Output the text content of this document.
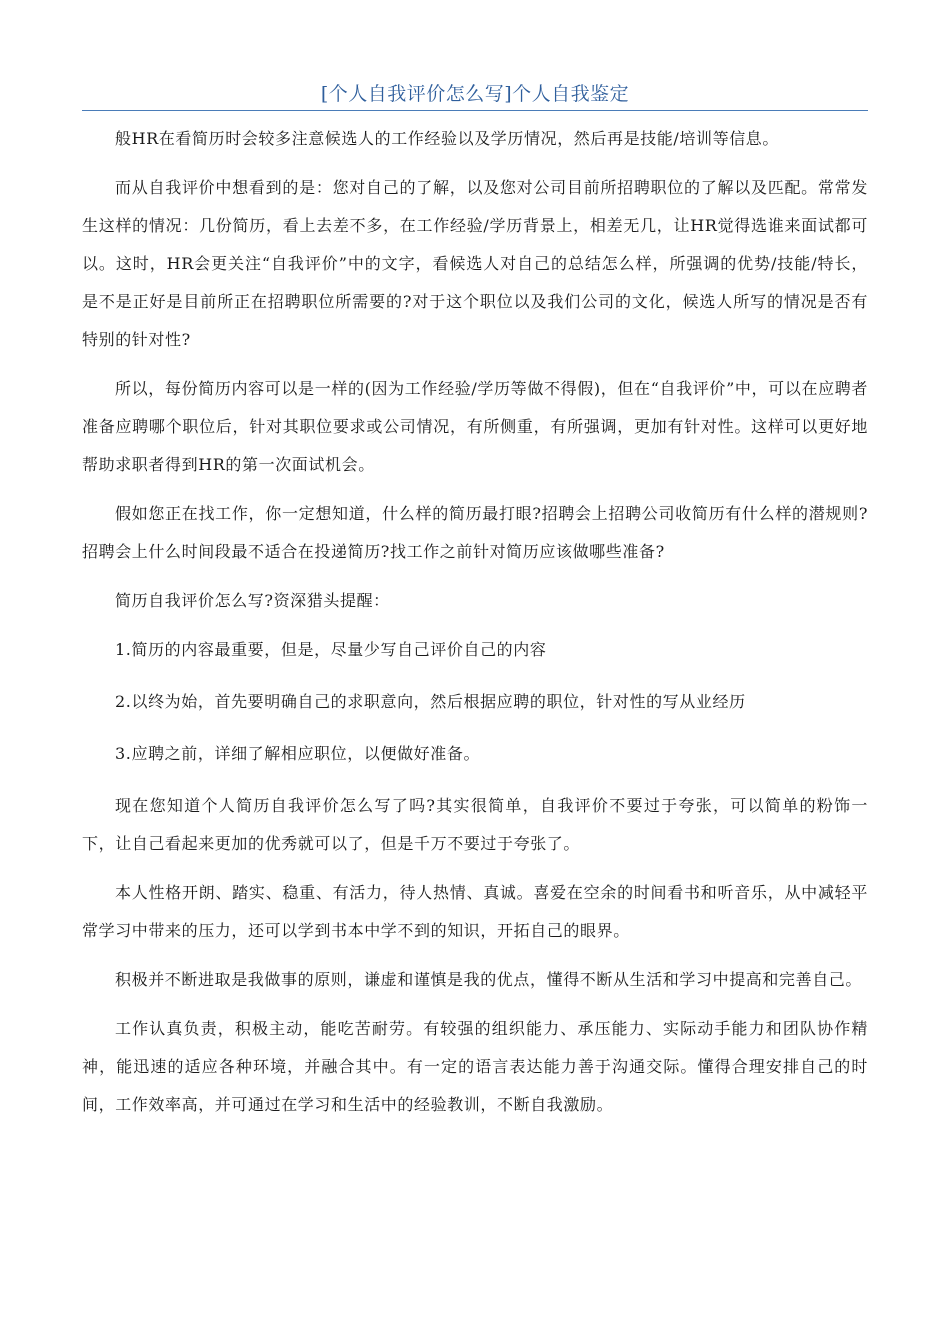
[个人自我评价怎么写]个人自我鉴定

般HR在看简历时会较多注意候选人的工作经验以及学历情况，然后再是技能/培训等信息。

而从自我评价中想看到的是：您对自己的了解，以及您对公司目前所招聘职位的了解以及匹配。常常发生这样的情况：几份简历，看上去差不多，在工作经验/学历背景上，相差无几，让HR觉得选谁来面试都可以。这时，HR会更关注“自我评价”中的文字，看候选人对自己的总结怎么样，所强调的优势/技能/特长，是不是正好是目前所正在招聘职位所需要的?对于这个职位以及我们公司的文化，候选人所写的情况是否有特别的针对性?

所以，每份简历内容可以是一样的(因为工作经验/学历等做不得假)，但在“自我评价”中，可以在应聘者准备应聘哪个职位后，针对其职位要求或公司情况，有所侧重，有所强调，更加有针对性。这样可以更好地帮助求职者得到HR的第一次面试机会。

假如您正在找工作，你一定想知道，什么样的简历最打眼?招聘会上招聘公司收简历有什么样的潜规则?招聘会上什么时间段最不适合在投递简历?找工作之前针对简历应该做哪些准备?

简历自我评价怎么写?资深猎头提醒：

1.简历的内容最重要，但是，尽量少写自己评价自己的内容

2.以终为始，首先要明确自己的求职意向，然后根据应聘的职位，针对性的写从业经历

3.应聘之前，详细了解相应职位，以便做好准备。

现在您知道个人简历自我评价怎么写了吗?其实很简单，自我评价不要过于夸张，可以简单的粉饰一下，让自己看起来更加的优秀就可以了，但是千万不要过于夸张了。

本人性格开朗、踏实、稳重、有活力，待人热情、真诚。喜爱在空余的时间看书和听音乐，从中减轻平常学习中带来的压力，还可以学到书本中学不到的知识，开拓自己的眼界。

积极并不断进取是我做事的原则，谦虚和谨慎是我的优点，懂得不断从生活和学习中提高和完善自己。

工作认真负责，积极主动，能吃苦耐劳。有较强的组织能力、承压能力、实际动手能力和团队协作精神，能迅速的适应各种环境，并融合其中。有一定的语言表达能力善于沟通交际。懂得合理安排自己的时间，工作效率高，并可通过在学习和生活中的经验教训，不断自我激励。
